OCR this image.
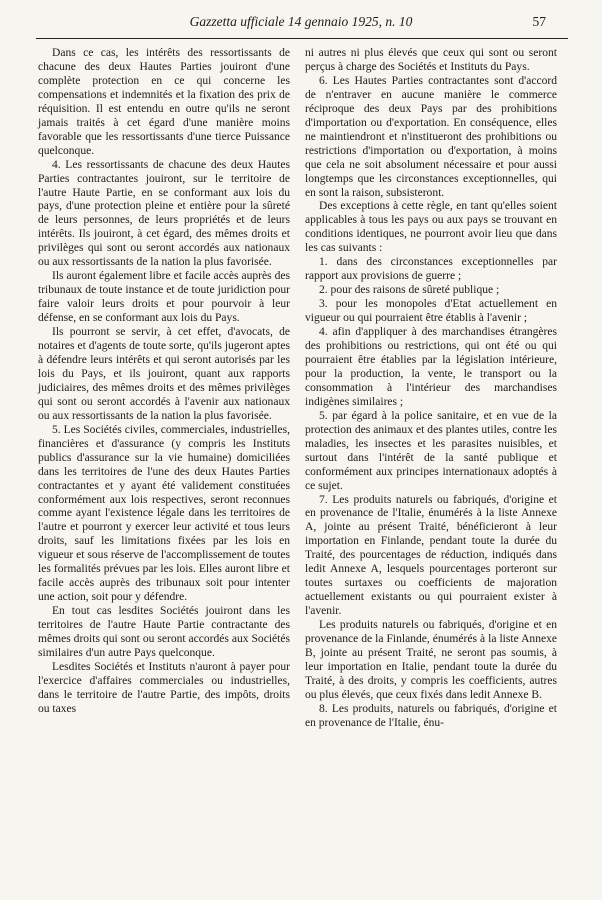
Gazzetta ufficiale 14 gennaio 1925, n. 10	57

Dans ce cas, les intérêts des ressortissants de chacune des deux Hautes Parties jouiront d'une complète protection en ce qui concerne les compensations et indemnités et la fixation des prix de réquisition. Il est entendu en outre qu'ils ne seront jamais traités à cet égard d'une manière moins favorable que les ressortissants d'une tierce Puissance quelconque.

4. Les ressortissants de chacune des deux Hautes Parties contractantes jouiront, sur le territoire de l'autre Haute Partie, en se conformant aux lois du pays, d'une protection pleine et entière pour la sûreté de leurs personnes, de leurs propriétés et de leurs intérêts. Ils jouiront, à cet égard, des mêmes droits et privilèges qui sont ou seront accordés aux nationaux ou aux ressortissants de la nation la plus favorisée.

Ils auront également libre et facile accès auprès des tribunaux de toute instance et de toute juridiction pour faire valoir leurs droits et pour pourvoir à leur défense, en se conformant aux lois du Pays.

Ils pourront se servir, à cet effet, d'avocats, de notaires et d'agents de toute sorte, qu'ils jugeront aptes à défendre leurs intérêts et qui seront autorisés par les lois du Pays, et ils jouiront, quant aux rapports judiciaires, des mêmes droits et des mêmes privilèges qui sont ou seront accordés à l'avenir aux nationaux ou aux ressortissants de la nation la plus favorisée.

5. Les Sociétés civiles, commerciales, industrielles, financières et d'assurance (y compris les Instituts publics d'assurance sur la vie humaine) domiciliées dans les territoires de l'une des deux Hautes Parties contractantes et y ayant été validement constituées conformément aux lois respectives, seront reconnues comme ayant l'existence légale dans les territoires de l'autre et pourront y exercer leur activité et tous leurs droits, sauf les limitations fixées par les lois en vigueur et sous réserve de l'accomplissement de toutes les formalités prévues par les lois. Elles auront libre et facile accès auprès des tribunaux soit pour intenter une action, soit pour y défendre.

En tout cas lesdites Sociétés jouiront dans les territoires de l'autre Haute Partie contractante des mêmes droits qui sont ou seront accordés aux Sociétés similaires d'un autre Pays quelconque.

Lesdites Sociétés et Instituts n'auront à payer pour l'exercice d'affaires commerciales ou industrielles, dans le territoire de l'autre Partie, des impôts, droits ou taxes

ni autres ni plus élevés que ceux qui sont ou seront perçus à charge des Sociétés et Instituts du Pays.

6. Les Hautes Parties contractantes sont d'accord de n'entraver en aucune manière le commerce réciproque des deux Pays par des prohibitions d'importation ou d'exportation. En conséquence, elles ne maintiendront et n'institueront des prohibitions ou restrictions d'importation ou d'exportation, à moins que cela ne soit absolument nécessaire et pour aussi longtemps que les circonstances exceptionnelles, qui en sont la raison, subsisteront.

Des exceptions à cette règle, en tant qu'elles soient applicables à tous les pays ou aux pays se trouvant en conditions identiques, ne pourront avoir lieu que dans les cas suivants :

1. dans des circonstances exceptionnelles par rapport aux provisions de guerre ;

2. pour des raisons de sûreté publique ;

3. pour les monopoles d'Etat actuellement en vigueur ou qui pourraient être établis à l'avenir ;

4. afin d'appliquer à des marchandises étrangères des prohibitions ou restrictions, qui ont été ou qui pourraient être établies par la législation intérieure, pour la production, la vente, le transport ou la consommation à l'intérieur des marchandises indigènes similaires ;

5. par égard à la police sanitaire, et en vue de la protection des animaux et des plantes utiles, contre les maladies, les insectes et les parasites nuisibles, et surtout dans l'intérêt de la santé publique et conformément aux principes internationaux adoptés à ce sujet.

7. Les produits naturels ou fabriqués, d'origine et en provenance de l'Italie, énumérés à la liste Annexe A, jointe au présent Traité, bénéficieront à leur importation en Finlande, pendant toute la durée du Traité, des pourcentages de réduction, indiqués dans ledit Annexe A, lesquels pourcentages porteront sur toutes surtaxes ou coefficients de majoration actuellement existants ou qui pourraient exister à l'avenir.

Les produits naturels ou fabriqués, d'origine et en provenance de la Finlande, énumérés à la liste Annexe B, jointe au présent Traité, ne seront pas soumis, à leur importation en Italie, pendant toute la durée du Traité, à des droits, y compris les coefficients, autres ou plus élevés, que ceux fixés dans ledit Annexe B.

8. Les produits, naturels ou fabriqués, d'origine et en provenance de l'Italie, énu-
